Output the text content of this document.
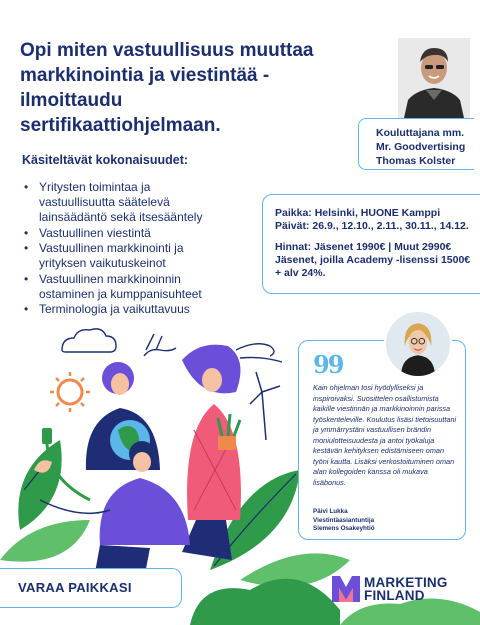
Opi miten vastuullisuus muuttaa markkinointia ja viestintää - ilmoittaudu sertifikaattiohjelmaan.	Kouluttajana mm.
Mr. Goodvertising
Thomas Kolster
Käsiteltävät kokonaisuudet:
• Yritysten toimintaa ja vastuullisuutta säätelevä lainsäädäntö sekä itsesääntely
• Vastuullinen viestintä
• Vastuullinen markkinointi ja yrityksen vaikutuskeinot
• Vastuullinen markkinoinnin ostaminen ja kumppanisuhteet
• Terminologia ja vaikuttavuus
Paikka: Helsinki, HUONE Kamppi
Päivät: 26.9., 12.10., 2.11., 30.11., 14.12.
Hinnat: Jäsenet 1990€ | Muut 2990€
Jäsenet, joilla Academy -lisenssi 1500€
+ alv 24%.
99
Kain ohjelman tosi hyödylliseksi ja inspiroivaksi. Suosittelen osallistumista kaikille viestinnän ja markkinoinnin parissa työskenteleville. Koulutus lisäsi tietoisuuttani ja ymmärrystäni vastuullisen brändin moniulotteisuudesta ja antoi työkaluja kestävän kehityksen edistämiseen oman työni kautta. Lisäksi verkostoituminen oman alan kollegoiden kanssa oli mukava lisäbonus.
Päivi Lukka
Viestintäasiantuntija
Siemens Osakeyhtiö
VARAA PAIKKASI	MARKETING
FINLAND
